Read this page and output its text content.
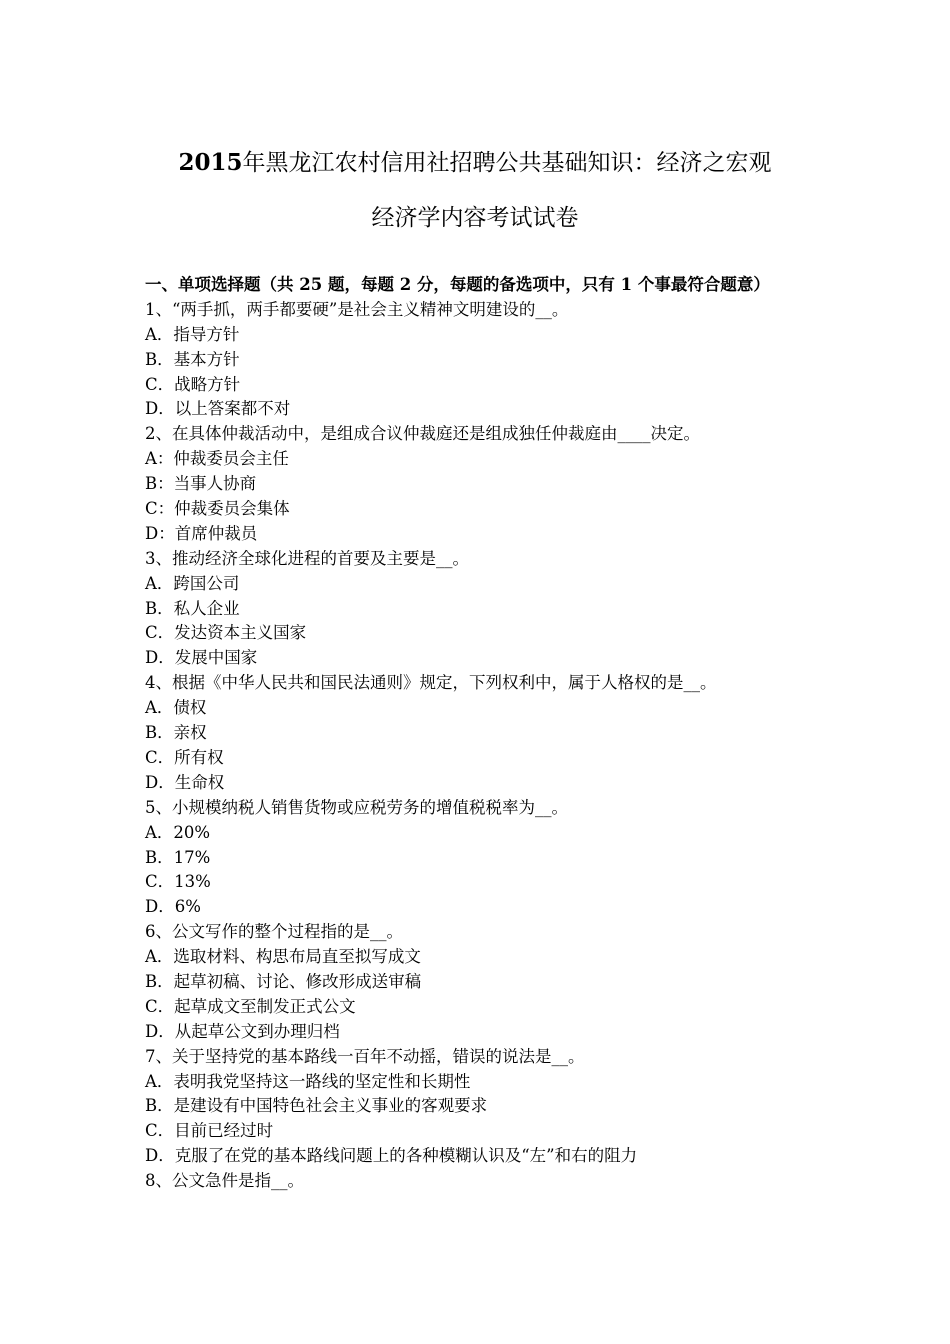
2015年黑龙江农村信用社招聘公共基础知识：经济之宏观
经济学内容考试试卷
一、单项选择题（共 25 题，每题 2 分，每题的备选项中，只有 1 个事最符合题意）
1、“两手抓，两手都要硬”是社会主义精神文明建设的__。
A．指导方针
B．基本方针
C．战略方针
D．以上答案都不对
2、在具体仲裁活动中，是组成合议仲裁庭还是组成独任仲裁庭由____决定。
A：仲裁委员会主任
B：当事人协商
C：仲裁委员会集体
D：首席仲裁员
3、推动经济全球化进程的首要及主要是__。
A．跨国公司
B．私人企业
C．发达资本主义国家
D．发展中国家
4、根据《中华人民共和国民法通则》规定，下列权利中，属于人格权的是__。
A．债权
B．亲权
C．所有权
D．生命权
5、小规模纳税人销售货物或应税劳务的增值税税率为__。
A．20%
B．17%
C．13%
D．6%
6、公文写作的整个过程指的是__。
A．选取材料、构思布局直至拟写成文
B．起草初稿、讨论、修改形成送审稿
C．起草成文至制发正式公文
D．从起草公文到办理归档
7、关于坚持党的基本路线一百年不动摇，错误的说法是__。
A．表明我党坚持这一路线的坚定性和长期性
B．是建设有中国特色社会主义事业的客观要求
C．目前已经过时
D．克服了在党的基本路线问题上的各种模糊认识及“左”和右的阻力
8、公文急件是指__。
